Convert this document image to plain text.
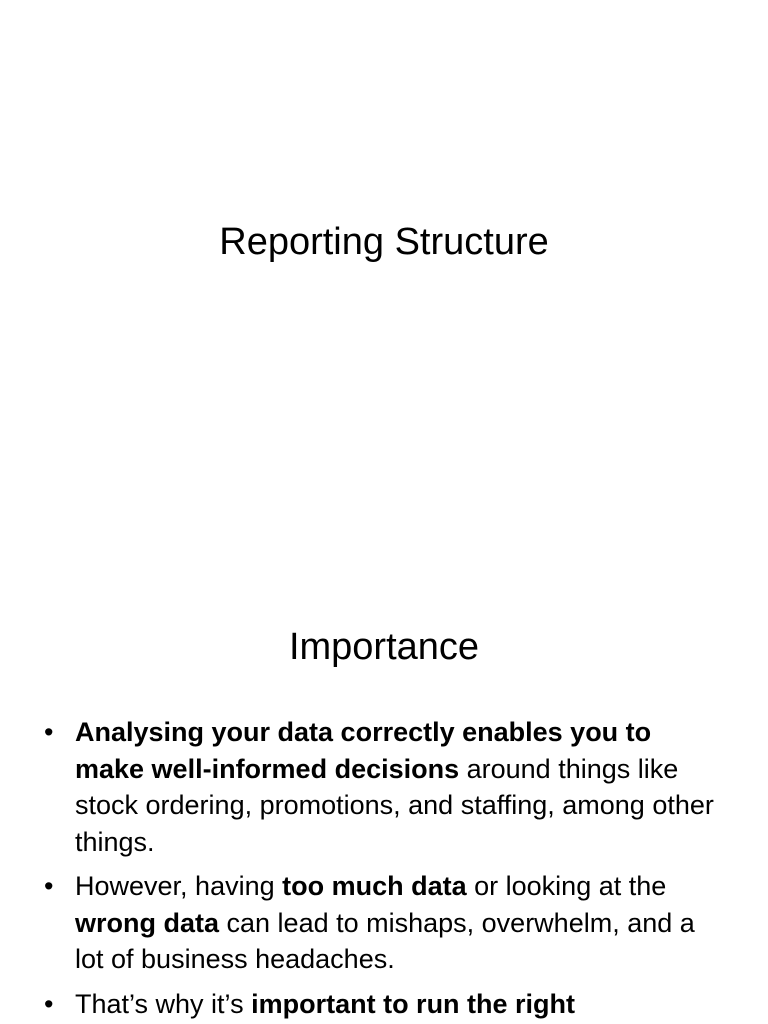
Reporting Structure
Importance
• Analysing your data correctly enables you to make well-informed decisions around things like stock ordering, promotions, and staffing, among other things.
• However, having too much data or looking at the wrong data can lead to mishaps, overwhelm, and a lot of business headaches.
• That’s why it’s important to run the right
